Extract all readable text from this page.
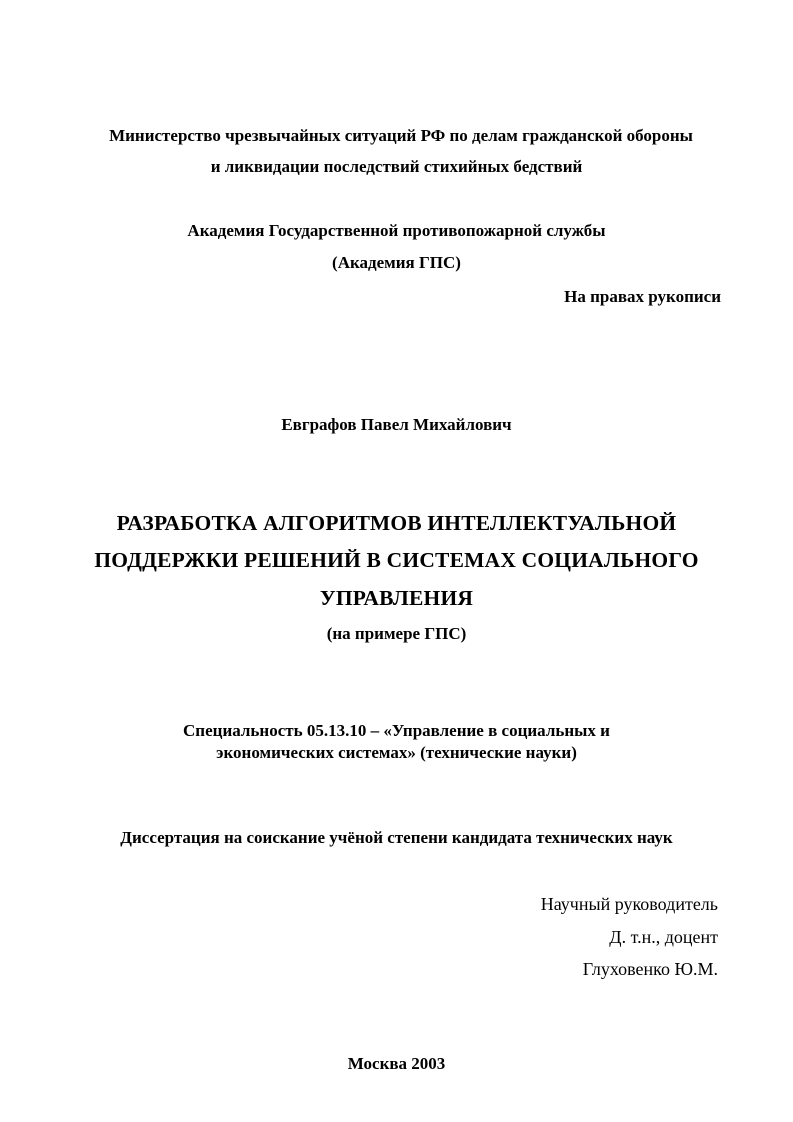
Министерство чрезвычайных ситуаций РФ по делам гражданской обороны
и ликвидации последствий стихийных бедствий
Академия Государственной противопожарной службы
(Академия ГПС)
На правах рукописи
Евграфов Павел Михайлович
РАЗРАБОТКА АЛГОРИТМОВ ИНТЕЛЛЕКТУАЛЬНОЙ
ПОДДЕРЖКИ РЕШЕНИЙ В СИСТЕМАХ СОЦИАЛЬНОГО
УПРАВЛЕНИЯ
(на примере ГПС)
Специальность 05.13.10 – «Управление в социальных и
экономических системах» (технические науки)
Диссертация на соискание учёной степени кандидата технических наук
Научный руководитель
Д. т.н., доцент
Глуховенко Ю.М.
Москва 2003
